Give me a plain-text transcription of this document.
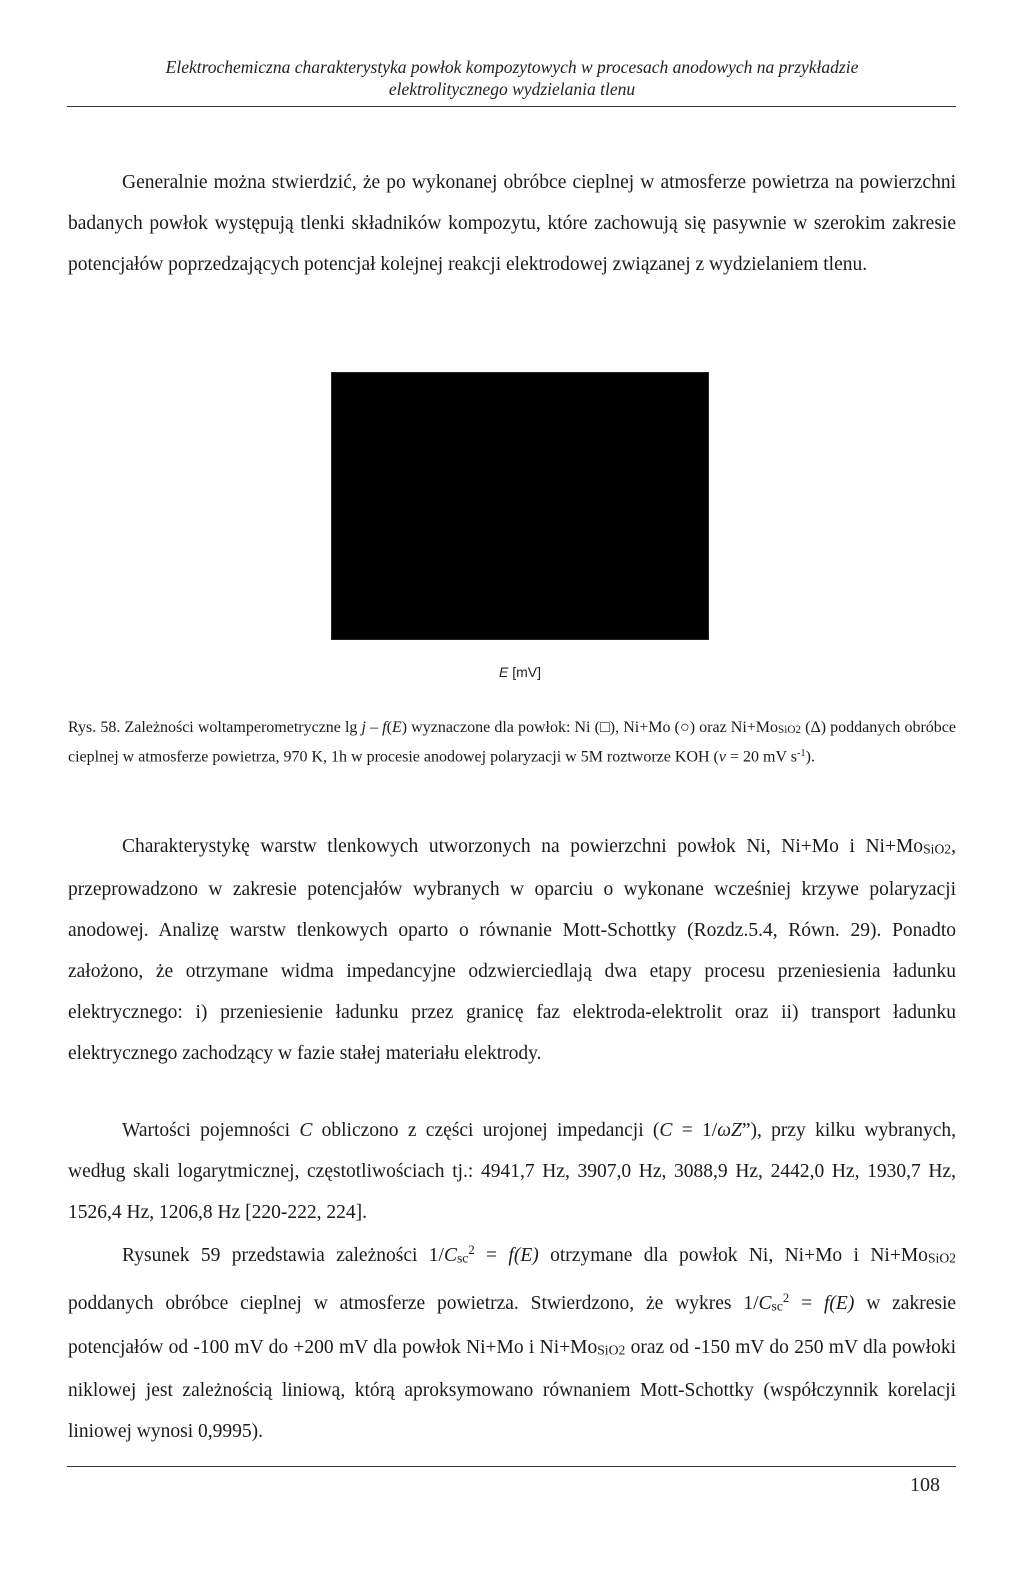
Elektrochemiczna charakterystyka powłok kompozytowych w procesach anodowych na przykładzie
elektrolitycznego wydzielania tlenu
Generalnie można stwierdzić, że po wykonanej obróbce cieplnej w atmosferze powietrza na powierzchni badanych powłok występują tlenki składników kompozytu, które zachowują się pasywnie w szerokim zakresie potencjałów poprzedzających potencjał kolejnej reakcji elektrodowej związanej z wydzielaniem tlenu.
E [mV]
Rys. 58. Zależności woltamperometryczne lg j – f(E) wyznaczone dla powłok: Ni (□), Ni+Mo (○) oraz Ni+MoSiO2 (Δ) poddanych obróbce cieplnej w atmosferze powietrza, 970 K, 1h w procesie anodowej polaryzacji w 5M roztworze KOH (v = 20 mV $s^{-1}$).
Charakterystykę warstw tlenkowych utworzonych na powierzchni powłok Ni, Ni+Mo i Ni+MoSiO2, przeprowadzono w zakresie potencjałów wybranych w oparciu o wykonane wcześniej krzywe polaryzacji anodowej. Analizę warstw tlenkowych oparto o równanie Mott-Schottky (Rozdz.5.4, Równ. 29). Ponadto założono, że otrzymane widma impedancyjne odzwierciedlają dwa etapy procesu przeniesienia ładunku elektrycznego: i) przeniesienie ładunku przez granicę faz elektroda-elektrolit oraz ii) transport ładunku elektrycznego zachodzący w fazie stałej materiału elektrody.
Wartości pojemności C obliczono z części urojonej impedancji (C = 1/ωZ”), przy kilku wybranych, według skali logarytmicznej, częstotliwościach tj.: 4941,7 Hz, 3907,0 Hz, 3088,9 Hz, 2442,0 Hz, 1930,7 Hz, 1526,4 Hz, 1206,8 Hz [220-222, 224].
Rysunek 59 przedstawia zależności 1/Csc$^2$ = f(E) otrzymane dla powłok Ni, Ni+Mo i Ni+MoSiO2 poddanych obróbce cieplnej w atmosferze powietrza. Stwierdzono, że wykres 1/Csc$^2$ = f(E) w zakresie potencjałów od -100 mV do +200 mV dla powłok Ni+Mo i Ni+MoSiO2 oraz od -150 mV do 250 mV dla powłoki niklowej jest zależnością liniową, którą aproksymowano równaniem Mott-Schottky (współczynnik korelacji liniowej wynosi 0,9995).
108
